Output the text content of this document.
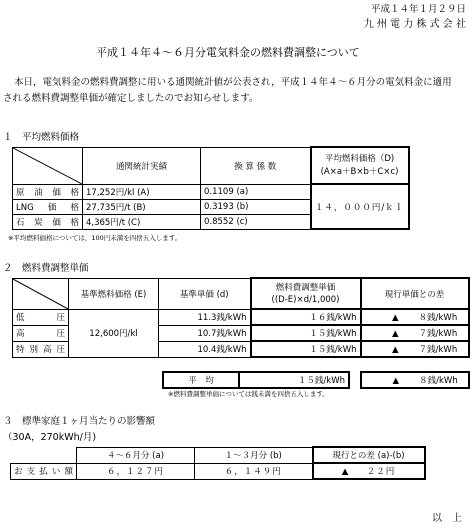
平成１４年１月２９日
九 州 電 力 株 式 会 社
平成１４年４～６月分電気料金の燃料費調整について
本日，電気料金の燃料費調整に用いる通関統計値が公表され，平成１４年４～６月分の電気料金に適用
される燃料費調整単価が確定しましたのでお知らせします。
１　平均燃料価格
	通関統計実績	換 算 係 数	平均燃料価格（D)
(A×a＋B×b＋C×c)
原油価格	17,252円/kl (A)	0.1109 (a)	１４，０００円/ｋｌ
LNG価格	27,735円/t (B)	0.3193 (b)	
石炭価格	4,365円/t (C)	0.8552 (c)	
※平均燃料価格については，100円未満を四捨五入します。
２　燃料費調整単価
	基準燃料価格 (E)	基準単価 (d)	燃料費調整単価
((D-E)×d/1,000)	現行単価との差
低圧	12,600円/kl	11.3銭/kWh	１６銭/kWh	▲ ８銭/kWh
高圧		10.7銭/kWh	１５銭/kWh	▲ ７銭/kWh
特別高圧		10.4銭/kWh	１５銭/kWh	▲ ７銭/kWh
平　均	１５銭/kWh		▲ ８銭/kWh
※燃料費調整単価については銭未満を四捨五入します。
３　標準家庭１ヶ月当たりの影響額
（30A，270kWh/月)
	４～６月分 (a)	１～３月分 (b)	現行との差 (a)-(b)
お支払い額	６，１２７円	６，１４９円	▲ ２２円
以　上
